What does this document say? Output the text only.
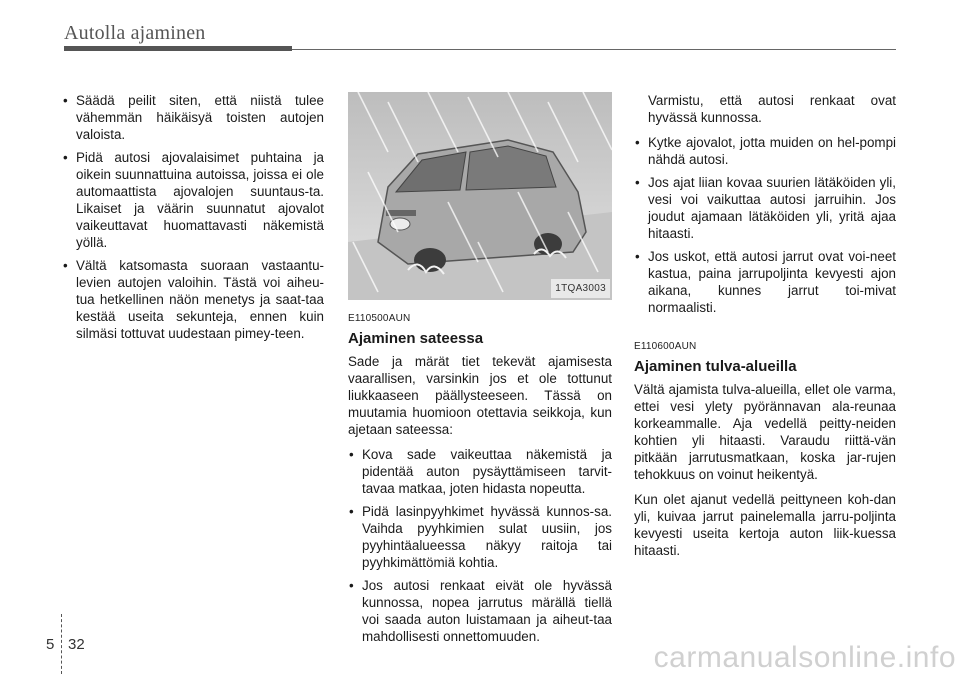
Autolla ajaminen
• Säädä peilit siten, että niistä tulee vähemmän häikäisyä toisten autojen valoista.
• Pidä autosi ajovalaisimet puhtaina ja oikein suunnattuina autoissa, joissa ei ole automaattista ajovalojen suuntaus-ta. Likaiset ja väärin suunnatut ajovalot vaikeuttavat huomattavasti näkemistä yöllä.
• Vältä katsomasta suoraan vastaantu-levien autojen valoihin. Tästä voi aiheu-tua hetkellinen näön menetys ja saat-taa kestää useita sekunteja, ennen kuin silmäsi tottuvat uudestaan pimey-teen.
1TQA3003
E110500AUN
Ajaminen sateessa

Sade ja märät tiet tekevät ajamisesta vaarallisen, varsinkin jos et ole tottunut liukkaaseen päällysteeseen. Tässä on muutamia huomioon otettavia seikkoja, kun ajetaan sateessa:

• Kova sade vaikeuttaa näkemistä ja pidentää auton pysäyttämiseen tarvit-tavaa matkaa, joten hidasta nopeutta.
• Pidä lasinpyyhkimet hyvässä kunnos-sa. Vaihda pyyhkimien sulat uusiin, jos pyyhintäalueessa näkyy raitoja tai pyyhkimättömiä kohtia.
• Jos autosi renkaat eivät ole hyvässä kunnossa, nopea jarrutus märällä tiellä voi saada auton luistamaan ja aiheut-taa mahdollisesti onnettomuuden.

Varmistu, että autosi renkaat ovat hyvässä kunnossa.

• Kytke ajovalot, jotta muiden on hel-pompi nähdä autosi.
• Jos ajat liian kovaa suurien lätäköiden yli, vesi voi vaikuttaa autosi jarruihin. Jos joudut ajamaan lätäköiden yli, yritä ajaa hitaasti.
• Jos uskot, että autosi jarrut ovat voi-neet kastua, paina jarrupoljinta kevyesti ajon aikana, kunnes jarrut toi-mivat normaalisti.
E110600AUN
Ajaminen tulva-alueilla

Vältä ajamista tulva-alueilla, ellet ole varma, ettei vesi ylety pyörännavan ala-reunaa korkeammalle. Aja vedellä peitty-neiden kohtien yli hitaasti. Varaudu riittä-vän pitkään jarrutusmatkaan, koska jar-rujen tehokkuus on voinut heikentyä.

Kun olet ajanut vedellä peittyneen koh-dan yli, kuivaa jarrut painelemalla jarru-poljinta kevyesti useita kertoja auton liik-kuessa hitaasti.

5 32	carmanualsonline.info
